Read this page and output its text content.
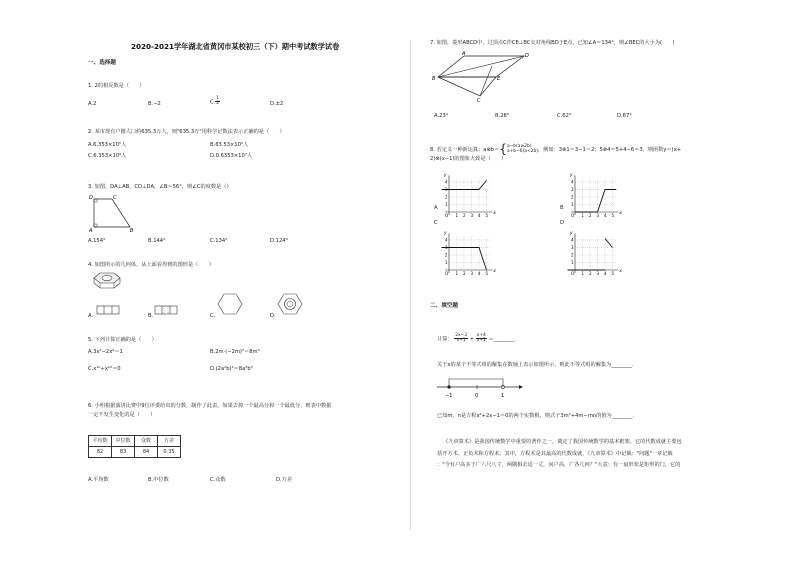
2020-2021学年湖北省黄冈市某校初三（下）期中考试数学试卷
一、选择题
1. 2的相反数是（　　）
A.2	B.−2	C. $\frac{1}{2}$	D.±2
2. 某市现有户籍人口约635.3万人，则"635.3万"用科学记数法表示正确的是（　　）
A.6.353×10⁵人	B.63.53×10⁵人
C.6.353×10⁶人	D.0.6353×10⁷人
3. 如图，DA⊥AB，CD⊥DA，∠B＝56°，则∠C的度数是（）
D	C
A	B
A.154°	B.144°	C.134°	D.124°
4. 如图所示的几何体，从上面看得到的图形是（　　）
A.	B.	C.	D.
5. 下列计算正确的是（　　）
A.3x²−2x²＝1	B.2m·(−2m)²＝8m³
C.x¹⁰÷x¹⁰＝0	D.(2a²b)³＝8a⁵b³
6. 小明根据演讲比赛中9位评委给出的分数，制作了此表。如果去掉一个最高分和一个最低分，则表中数据
一定不发生变化的是（　　）
平均数	中位数	众数	方差
82	83	84	0.35
A.平均数	B.中位数	C.众数	D.方差
7. 如图，菱形ABCD中，过顶点C作CE⊥BC交对角线BD于E点，已知∠A＝134°，则∠BEC的大小为(　　)
B
A	D
E
C
A.23°	B.28°	C.62°	D.67°
8. 若定义一种新运算：a⊗b＝{ a−b(a≥2b)
a+b−6(a<2b) ，例如：3⊗1＝3−1＝2；5⊗4＝5+4−6＝3．则函数y＝(x+
2)⊗(x−1)的图象大致是（　　）
y
x
4
3
2
1
1 2 3 4 5
O
y
x
4
3
2
1
1 2 3 4 5
O
y
x
4
3
2
1
1 2 3 4 5
O
y
x
4
3
2
1
1 2 3 4 5
O
A	B
C	D
二、填空题
计算： $\frac{2x-3}{x+1} + \frac{x+4}{x+1}$ ＝________.
关于x的某个不等式组的解集在数轴上表示如图所示，则此不等式组的解集为________.
−1	0	1
已知m，n是方程x²+2x−1＝0的两个实数根，则式子3m²+4m−mn的值为________.
《九章算术》是我国传统数学中重要的著作之一，奠定了我国传统数学的基本框架。它的代数成就主要包
括开方术、正负术和方程术，其中，方程术是其最高的代数成就，《九章算术》中记载："问题"一章记载
："今有户高多于广六尺八寸，两隅相去适一丈，问户高、广各几何？"大意：有一扇形状是矩形的门，它的
